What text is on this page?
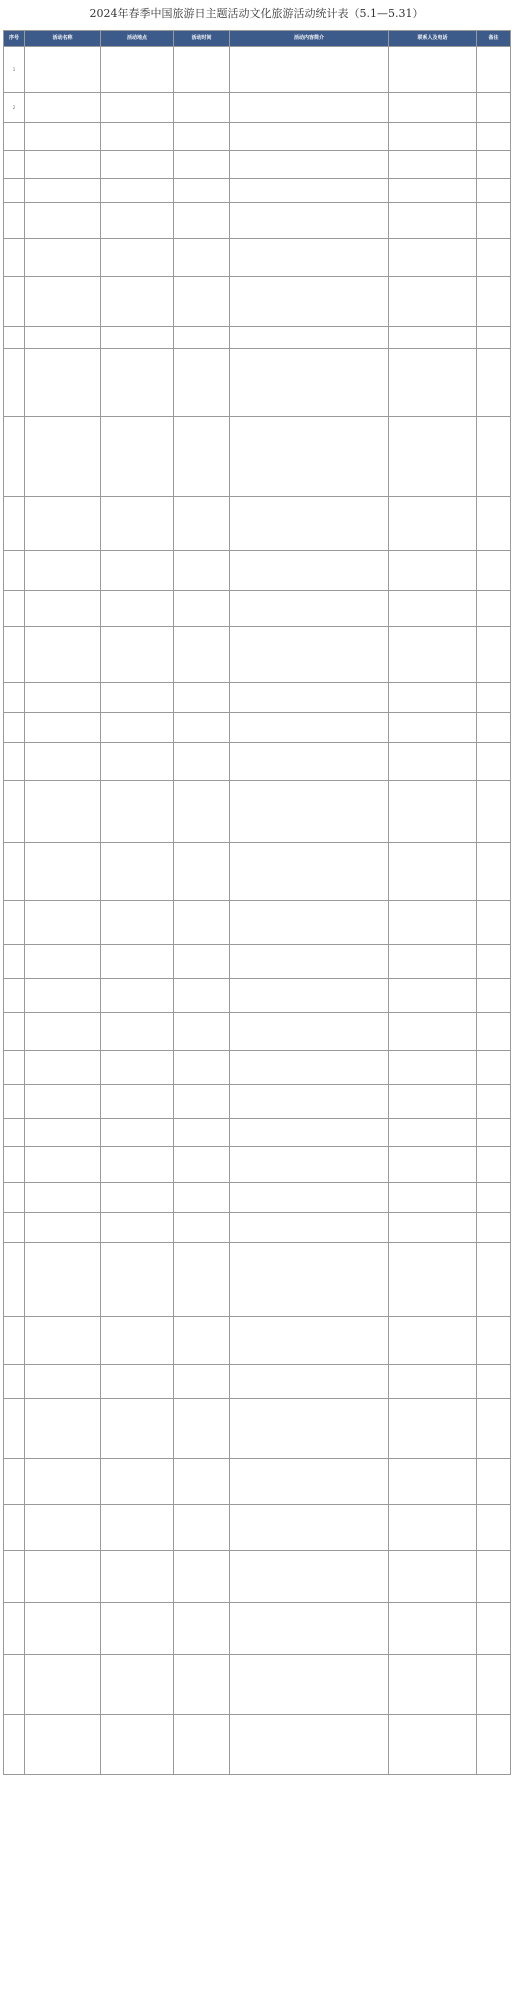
2024年春季中国旅游日主题活动文化旅游活动统计表（5.1—5.31）
序号	活动名称	活动地点	活动时间	活动内容简介	联系人及电话	备注
1						
2						
